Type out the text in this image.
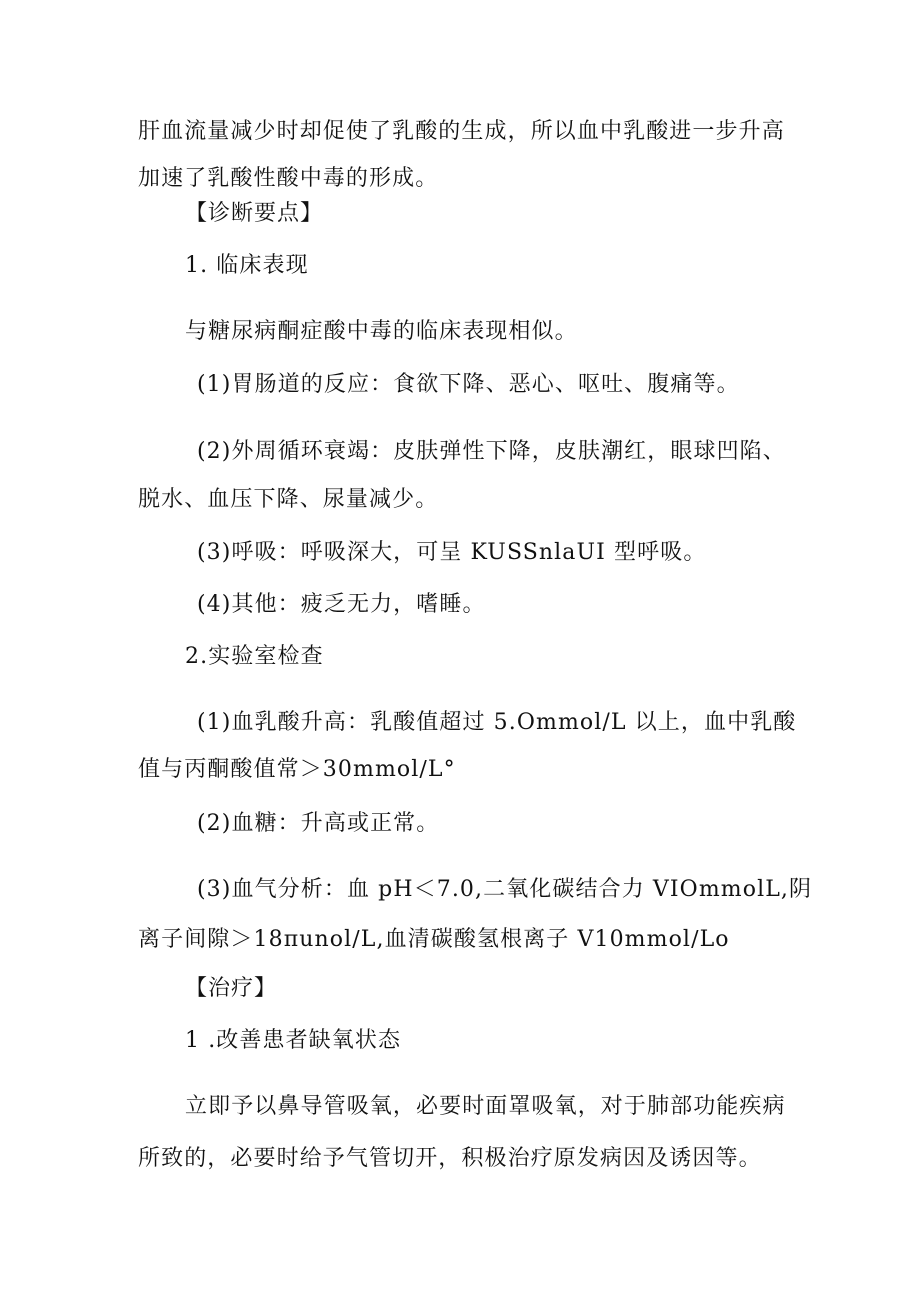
肝血流量减少时却促使了乳酸的生成，所以血中乳酸进一步升高
加速了乳酸性酸中毒的形成。
【诊断要点】
1. 临床表现
与糖尿病酮症酸中毒的临床表现相似。
(1)胃肠道的反应：食欲下降、恶心、呕吐、腹痛等。
(2)外周循环衰竭：皮肤弹性下降，皮肤潮红，眼球凹陷、
脱水、血压下降、尿量减少。
(3)呼吸：呼吸深大，可呈 KUSSnlaUI 型呼吸。
(4)其他：疲乏无力，嗜睡。
2.实验室检查
(1)血乳酸升高：乳酸值超过 5.Ommol/L 以上，血中乳酸
值与丙酮酸值常＞30mmol∕L°
(2)血糖：升高或正常。
(3)血气分析：血 pH＜7.0,二氧化碳结合力 VIOmmolL,阴
离子间隙＞18πunol∕L,血清碳酸氢根离子 V10mmol∕Lo
【治疗】
1 .改善患者缺氧状态
立即予以鼻导管吸氧，必要时面罩吸氧，对于肺部功能疾病
所致的，必要时给予气管切开，积极治疗原发病因及诱因等。
